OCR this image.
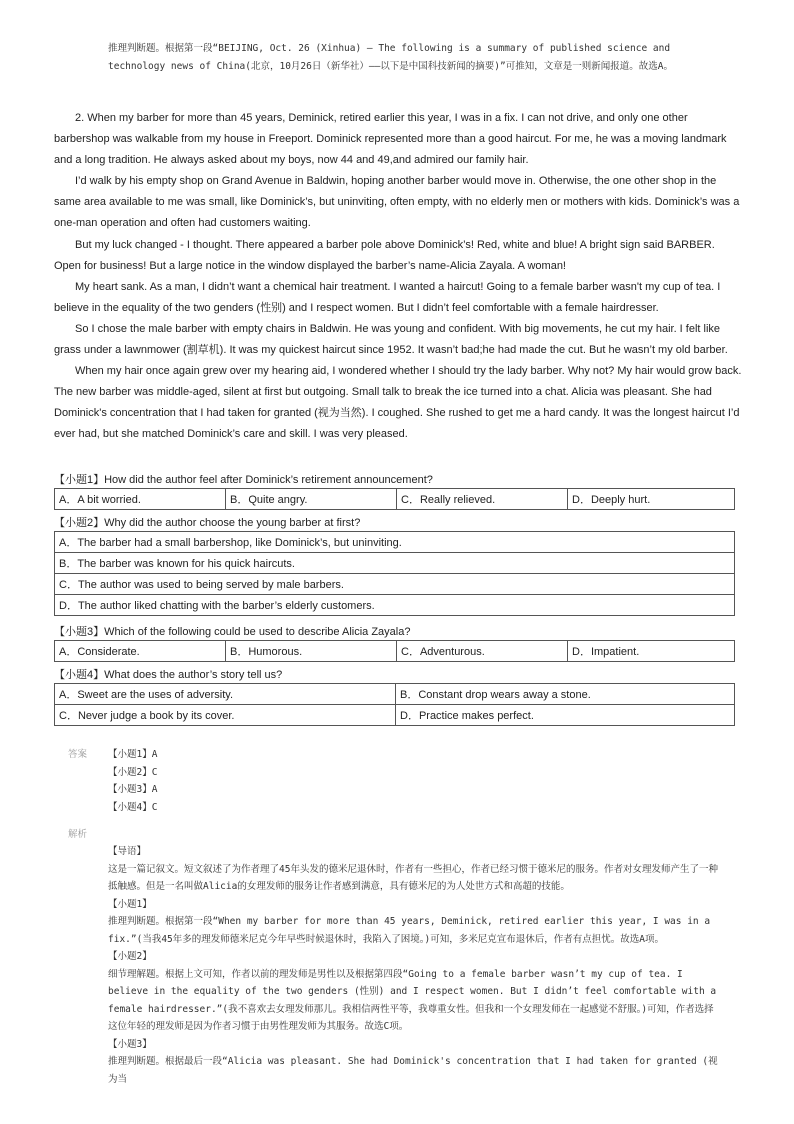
推理判断题。根据第一段“BEIJING, Oct. 26 (Xinhua) — The following is a summary of published science and technology news of China(北京，10月26日（新华社）——以下是中国科技新闻的摘要)”可推知，文章是一则新闻报道。故选A。

2. When my barber for more than 45 years, Deminick, retired earlier this year, I was in a fix. I can not drive, and only one other barbershop was walkable from my house in Freeport. Dominick represented more than a good haircut. For me, he was a moving landmark and a long tradition. He always asked about my boys, now 44 and 49,and admired our family hair.

I’d walk by his empty shop on Grand Avenue in Baldwin, hoping another barber would move in. Otherwise, the one other shop in the same area available to me was small, like Dominick’s, but uninviting, often empty, with no elderly men or mothers with kids. Dominick’s was a one-man operation and often had customers waiting.

But my luck changed - I thought. There appeared a barber pole above Dominick’s! Red, white and blue! A bright sign said BARBER. Open for business! But a large notice in the window displayed the barber’s name-Alicia Zayala. A woman!

My heart sank. As a man, I didn’t want a chemical hair treatment. I wanted a haircut! Going to a female barber wasn't my cup of tea. I believe in the equality of the two genders (性别) and I respect women. But I didn’t feel comfortable with a female hairdresser.

So I chose the male barber with empty chairs in Baldwin. He was young and confident. With big movements, he cut my hair. I felt like grass under a lawnmower (割草机). It was my quickest haircut since 1952. It wasn’t bad;he had made the cut. But he wasn’t my old barber.

When my hair once again grew over my hearing aid, I wondered whether I should try the lady barber. Why not? My hair would grow back. The new barber was middle-aged, silent at first but outgoing. Small talk to break the ice turned into a chat. Alicia was pleasant. She had Dominick's concentration that I had taken for granted (视为当然). I coughed. She rushed to get me a hard candy. It was the longest haircut I’d ever had, but she matched Dominick’s care and skill. I was very pleased.

【小题1】How did the author feel after Dominick’s retirement announcement?
A．A bit worried.	B．Quite angry.	C．Really relieved.	D．Deeply hurt.
【小题2】Why did the author choose the young barber at first?
A．The barber had a small barbershop, like Dominick’s, but uninviting.
B．The barber was known for his quick haircuts.
C．The author was used to being served by male barbers.
D．The author liked chatting with the barber’s elderly customers.
【小题3】Which of the following could be used to describe Alicia Zayala?
A．Considerate.	B．Humorous.	C．Adventurous.	D．Impatient.
【小题4】What does the author’s story tell us?
A．Sweet are the uses of adversity.	B．Constant drop wears away a stone.
C．Never judge a book by its cover.	D．Practice makes perfect.
答案 【小题1】A
【小题2】C
【小题3】A
【小题4】C
解析
【导语】
这是一篇记叙文。短文叙述了为作者理了45年头发的德米尼退休时，作者有一些担心，作者已经习惯于德米尼的服务。作者对女理发师产生了一种抵触感。但是一名叫做Alicia的女理发师的服务让作者感到满意，具有德米尼的为人处世方式和高超的技能。
【小题1】
推理判断题。根据第一段“When my barber for more than 45 years, Deminick, retired earlier this year, I was in a fix.”(当我45年多的理发师德米尼克今年早些时候退休时，我陷入了困境。)可知，多米尼克宣布退休后，作者有点担忧。故选A项。
【小题2】
细节理解题。根据上文可知，作者以前的理发师是男性以及根据第四段“Going to a female barber wasn’t my cup of tea. I believe in the equality of the two genders (性别) and I respect women. But I didn’t feel comfortable with a female hairdresser.”(我不喜欢去女理发师那儿。我相信两性平等，我尊重女性。但我和一个女理发师在一起感觉不舒服。)可知，作者选择这位年轻的理发师是因为作者习惯于由男性理发师为其服务。故选C项。
【小题3】
推理判断题。根据最后一段“Alicia was pleasant. She had Dominick's concentration that I had taken for granted (视为当
